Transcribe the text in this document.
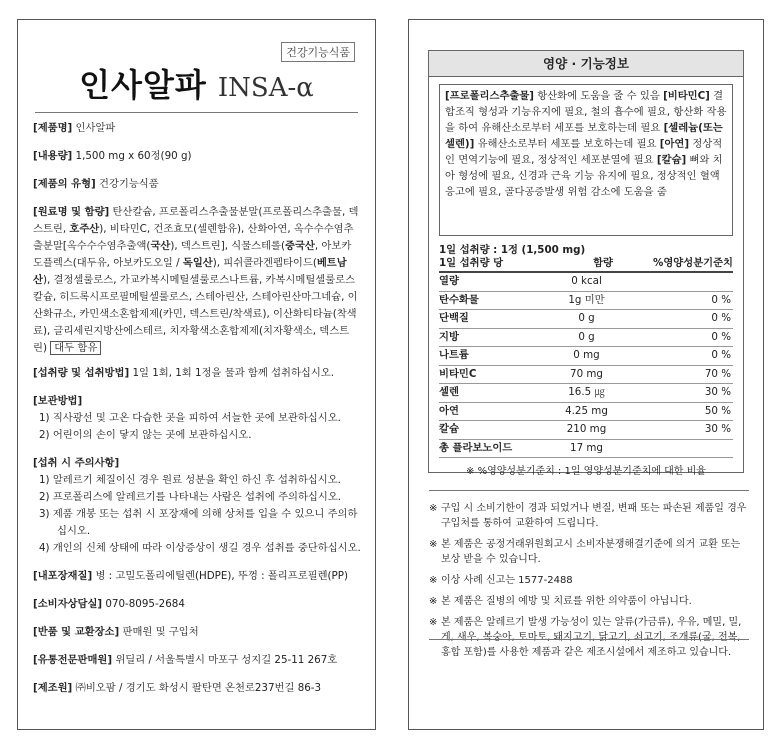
건강기능식품
인사알파 INSA-α
[제품명] 인사알파
[내용량] 1,500 mg x 60정(90 g)
[제품의 유형] 건강기능식품
[원료명 및 함량] 탄산칼슘, 프로폴리스추출물분말(프로폴리스추출물, 덱스트린, 호주산), 비타민C, 건조효모(셀렌함유), 산화아연, 옥수수수염추출분말[옥수수수염추출액(국산), 덱스트린], 식물스테롤(중국산, 아보카도플렉스(대두유, 아보카도오일 / 독일산), 피쉬콜라겐펩타이드(베트남산), 결정셀룰로스, 가교카복시메틸셀룰로스나트륨, 카복시메틸셀룰로스칼슘, 히드록시프로필메틸셀룰로스, 스테아린산, 스테아린산마그네슘, 이산화규소, 카민색소혼합제제(카민, 덱스트린/착색료), 이산화티타늄(착색료), 글리세린지방산에스테르, 치자황색소혼합제제(치자황색소, 덱스트린) 대두 함유
[섭취량 및 섭취방법] 1일 1회, 1회 1정을 물과 함께 섭취하십시오.
[보관방법]
1) 직사광선 및 고온 다습한 곳을 피하여 서늘한 곳에 보관하십시오.
2) 어린이의 손이 닿지 않는 곳에 보관하십시오.
[섭취 시 주의사항]
1) 알레르기 체질이신 경우 원료 성분을 확인 하신 후 섭취하십시오.
2) 프로폴리스에 알레르기를 나타내는 사람은 섭취에 주의하십시오.
3) 제품 개봉 또는 섭취 시 포장재에 의해 상처를 입을 수 있으니 주의하
십시오.
4) 개인의 신체 상태에 따라 이상증상이 생길 경우 섭취를 중단하십시오.
[내포장재질] 병 : 고밀도폴리에틸렌(HDPE), 뚜껑 : 폴리프로필렌(PP)
[소비자상담실] 070-8095-2684
[반품 및 교환장소] 판매원 및 구입처
[유통전문판매원] 위딜리 / 서울특별시 마포구 성지길 25-11 267호
[제조원] ㈜비오팜 / 경기도 화성시 팔탄면 온천로237번길 86-3
영양 · 기능정보
[프로폴리스추출물] 항산화에 도움을 줄 수 있음 [비타민C] 결합조직 형성과 기능유지에 필요, 철의 흡수에 필요, 항산화 작용을 하여 유해산소로부터 세포를 보호하는데 필요 [셀레늄(또는 셀렌)] 유해산소로부터 세포를 보호하는데 필요 [아연] 정상적인 면역기능에 필요, 정상적인 세포분열에 필요 [칼슘] 뼈와 치아 형성에 필요, 신경과 근육 기능 유지에 필요, 정상적인 혈액응고에 필요, 골다공증발생 위험 감소에 도움을 줌
1일 섭취량 : 1정 (1,500 mg)
1일 섭취량 당	함량	%영양성분기준치
열량	0 kcal
탄수화물	1g 미만	0 %
단백질	0 g	0 %
지방	0 g	0 %
나트륨	0 mg	0 %
비타민C	70 mg	70 %
셀렌	16.5 ㎍	30 %
아연	4.25 mg	50 %
칼슘	210 mg	30 %
총 플라보노이드	17 mg
※ %영양성분기준치 : 1일 영양성분기준치에 대한 비율
※ 구입 시 소비기한이 경과 되었거나 변질, 변패 또는 파손된 제품일 경우 구입처를 통하여 교환하여 드립니다.
※ 본 제품은 공정거래위원회고시 소비자분쟁해결기준에 의거 교환 또는 보상 받을 수 있습니다.
※ 이상 사례 신고는 1577-2488
※ 본 제품은 질병의 예방 및 치료를 위한 의약품이 아닙니다.
※ 본 제품은 알레르기 발생 가능성이 있는 알류(가금류), 우유, 메밀, 밀, 게, 새우, 복숭아, 토마토, 돼지고기, 닭고기, 쇠고기, 조개류(굴, 전복, 홍합 포함)를 사용한 제품과 같은 제조시설에서 제조하고 있습니다.
